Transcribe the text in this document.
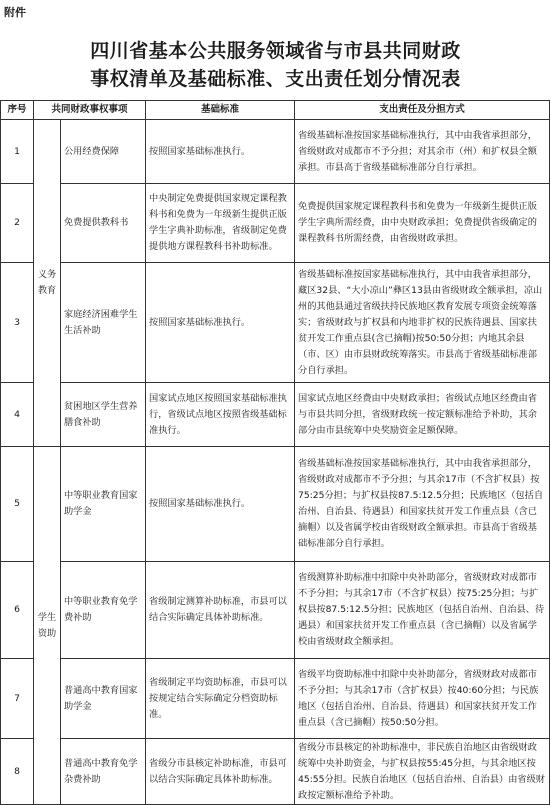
附件
四川省基本公共服务领域省与市县共同财政
事权清单及基础标准、支出责任划分情况表
序号	共同财政事权事项		基础标准	支出责任及分担方式
1	义务教育	公用经费保障	按照国家基础标准执行。	省级基础标准按国家基础标准执行，其中由我省承担部分，省级财政对成都市不予分担；对其余市（州）和扩权县全额承担。市县高于省级基础标准部分自行承担。
2		免费提供教科书	中央制定免费提供国家规定课程教科书和免费为一年级新生提供正版学生字典补助标准，省级制定免费提供地方课程教科书补助标准。	免费提供国家规定课程教科书和免费为一年级新生提供正版学生字典所需经费，由中央财政承担；免费提供省级确定的课程教科书所需经费，由省级财政承担。
3		家庭经济困难学生生活补助	按照国家基础标准执行。	省级基础标准按国家基础标准执行，其中由我省承担部分，藏区32县、“大小凉山”彝区13县由省级财政全额承担，凉山州的其他县通过省级扶持民族地区教育发展专项资金统筹落实；省级财政与扩权县和内地非扩权的民族待遇县、国家扶贫开发工作重点县(含已摘帽)按50:50分担；内地其余县（市、区）由市县财政统筹落实。市县高于省级基础标准部分自行承担。
4		贫困地区学生营养膳食补助	国家试点地区按照国家基础标准执行，省级试点地区按照省级基础标准执行。	国家试点地区经费由中央财政承担；省级试点地区经费由省与市县共同分担，省级财政统一按定额标准给予补助，其余部分由市县统筹中央奖励资金足额保障。
5	学生资助	中等职业教育国家助学金	按照国家基础标准执行。	省级基础标准按国家基础标准执行，其中由我省承担部分，省级财政对成都市不予分担；与其余17市（不含扩权县）按75:25分担；与扩权县按87.5:12.5分担；民族地区（包括自治州、自治县、待遇县）和国家扶贫开发工作重点县（含已摘帽）以及省属学校由省级财政全额承担。市县高于省级基础标准部分自行承担。
6		中等职业教育免学费补助	省级制定测算补助标准，市县可以结合实际确定具体补助标准。	省级测算补助标准中扣除中央补助部分，省级财政对成都市不予分担；与其余17市（不含扩权县）按75:25分担；与扩权县按87.5:12.5分担；民族地区（包括自治州、自治县、待遇县）和国家扶贫开发工作重点县（含已摘帽）以及省属学校由省级财政全额承担。
7		普通高中教育国家助学金	省级制定平均资助标准，市县可以按规定结合实际确定分档资助标准。	省级平均资助标准中扣除中央补助部分，省级财政对成都市不予分担；与其余17市（含扩权县）按40:60分担；与民族地区（包括自治州、自治县、待遇县）和国家扶贫开发工作重点县（含已摘帽）按50:50分担。
8		普通高中教育免学杂费补助	省级分市县核定补助标准，市县可以结合实际确定具体补助标准。	省级分市县核定的补助标准中，非民族自治地区由省级财政统筹中央补助资金，与扩权县按55:45分担，与其余地区按45:55分担。民族自治地区（包括自治州、自治县）由省级财政按定额标准给予补助。
